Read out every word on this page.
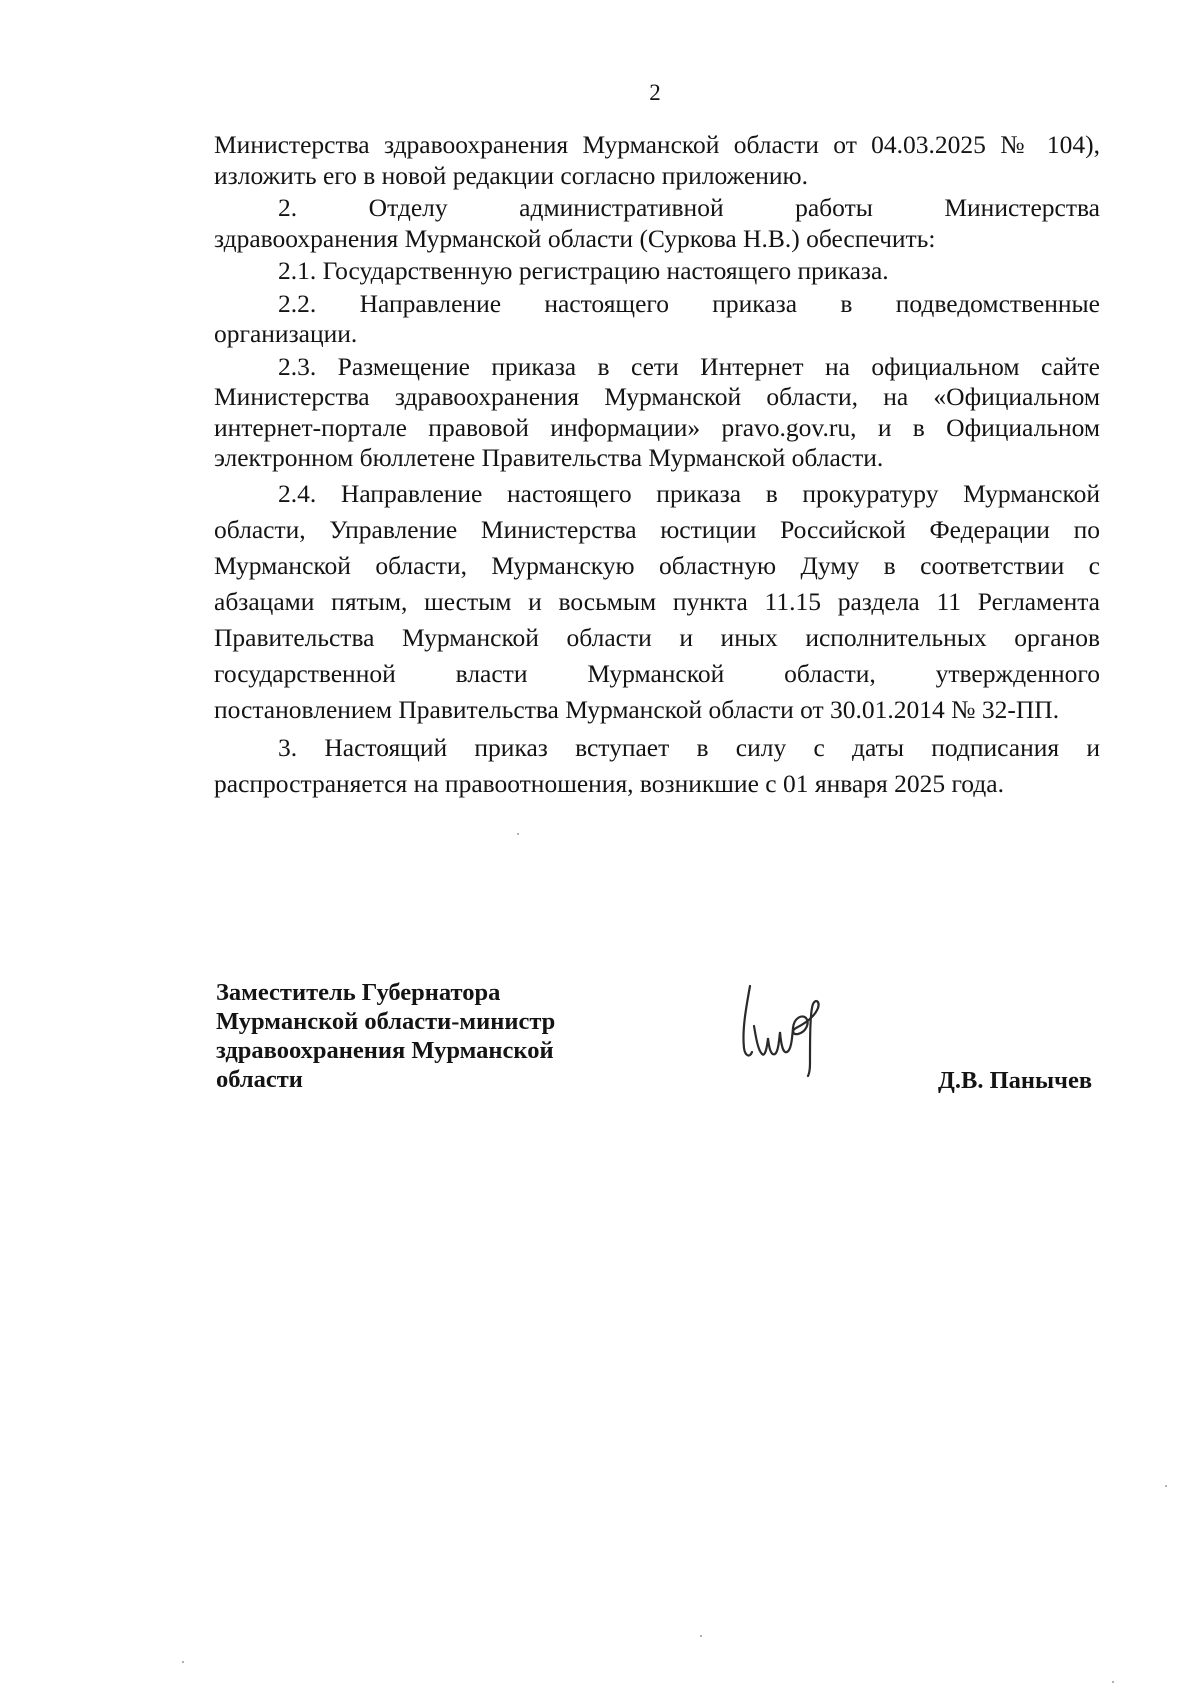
2

Министерства здравоохранения Мурманской области от 04.03.2025 № 104),

изложить его в новой редакции согласно приложению.

2. Отделу административной работы Министерства

здравоохранения Мурманской области (Суркова Н.В.) обеспечить:

2.1. Государственную регистрацию настоящего приказа.

2.2. Направление настоящего приказа в подведомственные

организации.

2.3. Размещение приказа в сети Интернет на официальном сайте

Министерства здравоохранения Мурманской области, на «Официальном

интернет-портале правовой информации» pravo.gov.ru, и в Официальном

электронном бюллетене Правительства Мурманской области.

2.4. Направление настоящего приказа в прокуратуру Мурманской

области, Управление Министерства юстиции Российской Федерации по

Мурманской области, Мурманскую областную Думу в соответствии с

абзацами пятым, шестым и восьмым пункта 11.15 раздела 11 Регламента

Правительства Мурманской области и иных исполнительных органов

государственной власти Мурманской области, утвержденного

постановлением Правительства Мурманской области от 30.01.2014 № 32-ПП.

3. Настоящий приказ вступает в силу с даты подписания и

распространяется на правоотношения, возникшие с 01 января 2025 года.

Заместитель Губернатора
Мурманской области-министр
здравоохранения Мурманской
области	Д.В. Панычев
